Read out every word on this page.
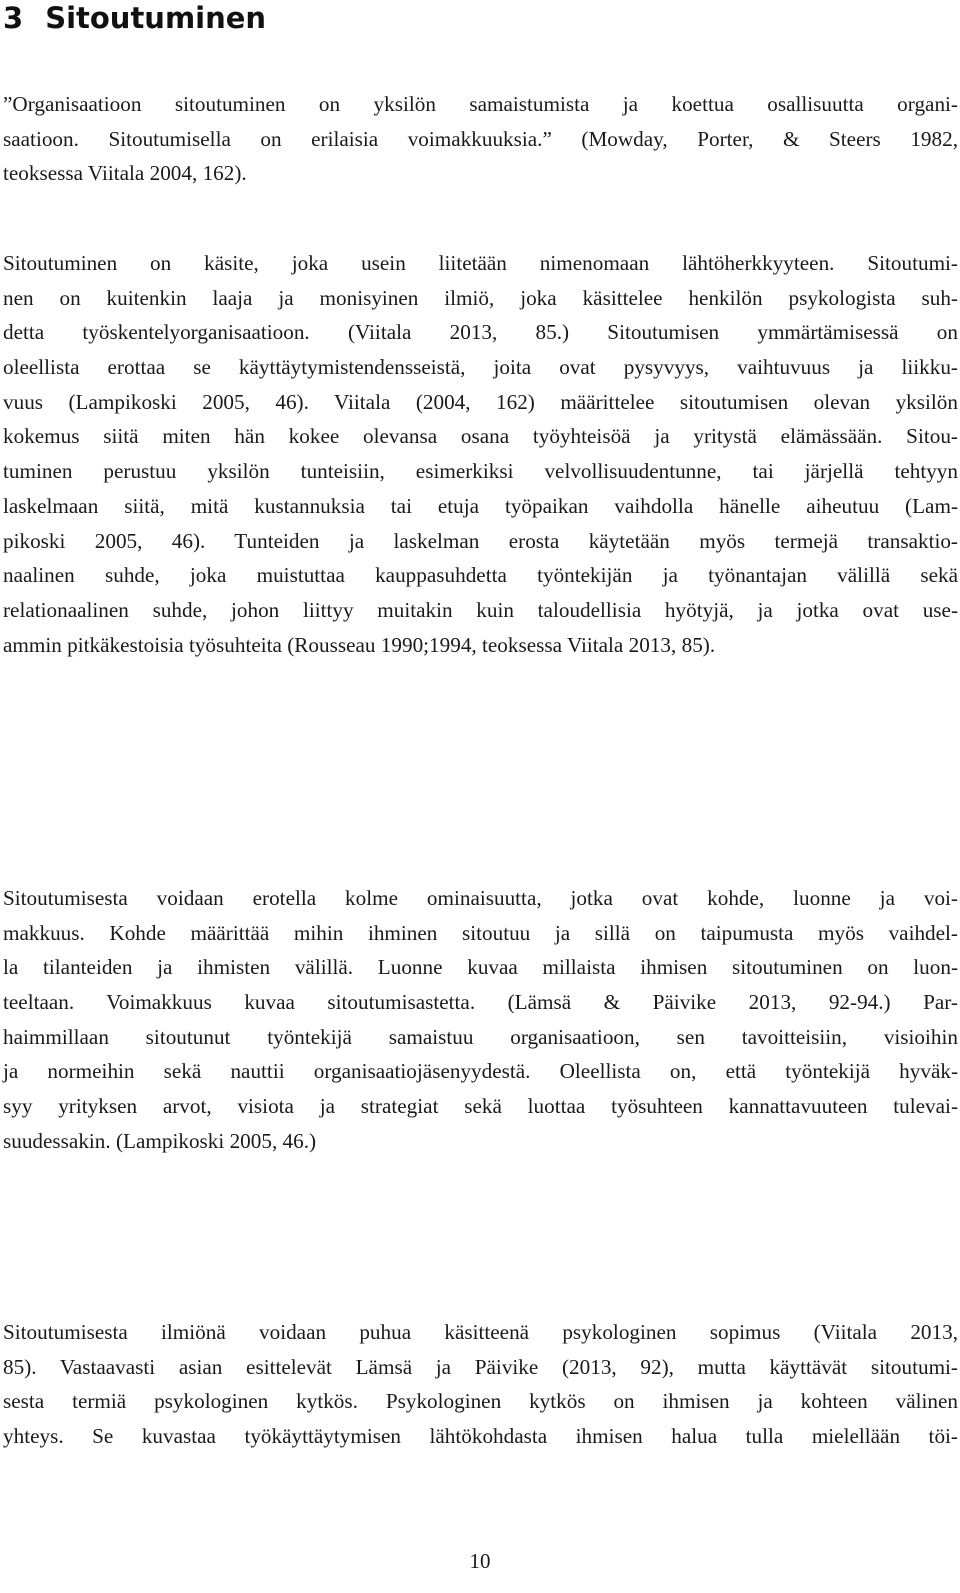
3 Sitoutuminen
”Organisaatioon sitoutuminen on yksilön samaistumista ja koettua osallisuutta organi-
saatioon. Sitoutumisella on erilaisia voimakkuuksia.” (Mowday, Porter, & Steers 1982,
teoksessa Viitala 2004, 162).
Sitoutuminen on käsite, joka usein liitetään nimenomaan lähtöherkkyyteen. Sitoutumi-
nen on kuitenkin laaja ja monisyinen ilmiö, joka käsittelee henkilön psykologista suh-
detta työskentelyorganisaatioon. (Viitala 2013, 85.) Sitoutumisen ymmärtämisessä on
oleellista erottaa se käyttäytymistendensseistä, joita ovat pysyvyys, vaihtuvuus ja liikku-
vuus (Lampikoski 2005, 46). Viitala (2004, 162) määrittelee sitoutumisen olevan yksilön
kokemus siitä miten hän kokee olevansa osana työyhteisöä ja yritystä elämässään. Sitou-
tuminen perustuu yksilön tunteisiin, esimerkiksi velvollisuudentunne, tai järjellä tehtyyn
laskelmaan siitä, mitä kustannuksia tai etuja työpaikan vaihdolla hänelle aiheutuu (Lam-
pikoski 2005, 46). Tunteiden ja laskelman erosta käytetään myös termejä transaktio-
naalinen suhde, joka muistuttaa kauppasuhdetta työntekijän ja työnantajan välillä sekä
relationaalinen suhde, johon liittyy muitakin kuin taloudellisia hyötyjä, ja jotka ovat use-
ammin pitkäkestoisia työsuhteita (Rousseau 1990;1994, teoksessa Viitala 2013, 85).
Sitoutumisesta voidaan erotella kolme ominaisuutta, jotka ovat kohde, luonne ja voi-
makkuus. Kohde määrittää mihin ihminen sitoutuu ja sillä on taipumusta myös vaihdel-
la tilanteiden ja ihmisten välillä. Luonne kuvaa millaista ihmisen sitoutuminen on luon-
teeltaan. Voimakkuus kuvaa sitoutumisastetta. (Lämsä & Päivike 2013, 92-94.) Par-
haimmillaan sitoutunut työntekijä samaistuu organisaatioon, sen tavoitteisiin, visioihin
ja normeihin sekä nauttii organisaatiojäsenyydestä. Oleellista on, että työntekijä hyväk-
syy yrityksen arvot, visiota ja strategiat sekä luottaa työsuhteen kannattavuuteen tulevai-
suudessakin. (Lampikoski 2005, 46.)
Sitoutumisesta ilmiönä voidaan puhua käsitteenä psykologinen sopimus (Viitala 2013,
85). Vastaavasti asian esittelevät Lämsä ja Päivike (2013, 92), mutta käyttävät sitoutumi-
sesta termiä psykologinen kytkös. Psykologinen kytkös on ihmisen ja kohteen välinen
yhteys. Se kuvastaa työkäyttäytymisen lähtökohdasta ihmisen halua tulla mielellään töi-
10
